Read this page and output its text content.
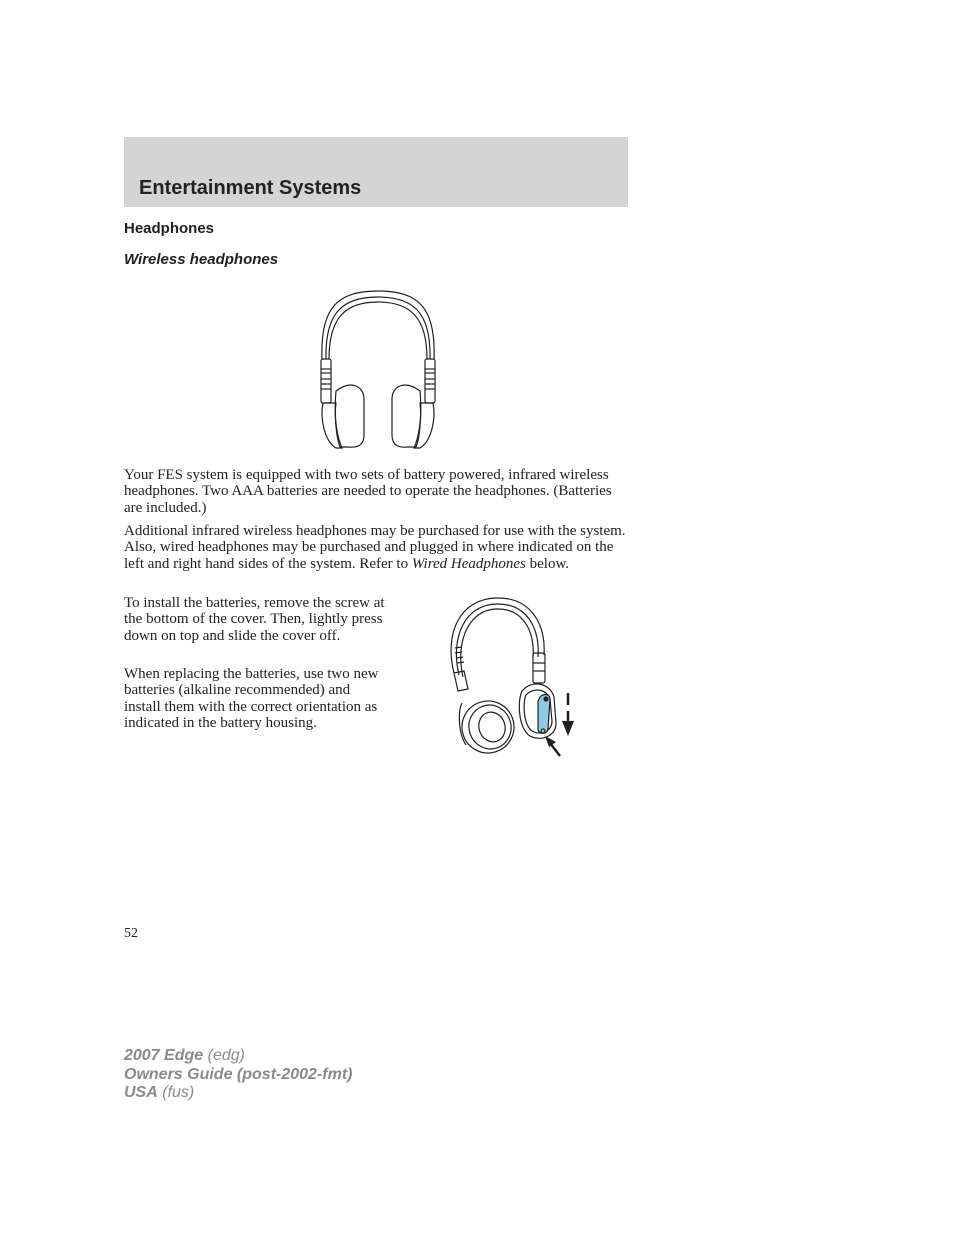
Entertainment Systems
Headphones
Wireless headphones

Your FES system is equipped with two sets of battery powered, infrared wireless headphones. Two AAA batteries are needed to operate the headphones. (Batteries are included.)

Additional infrared wireless headphones may be purchased for use with the system. Also, wired headphones may be purchased and plugged in where indicated on the left and right hand sides of the system. Refer to Wired Headphones below.

To install the batteries, remove the screw at the bottom of the cover. Then, lightly press down on top and slide the cover off.

When replacing the batteries, use two new batteries (alkaline recommended) and install them with the correct orientation as indicated in the battery housing.

52

2007 Edge (edg)
Owners Guide (post-2002-fmt)
USA (fus)
